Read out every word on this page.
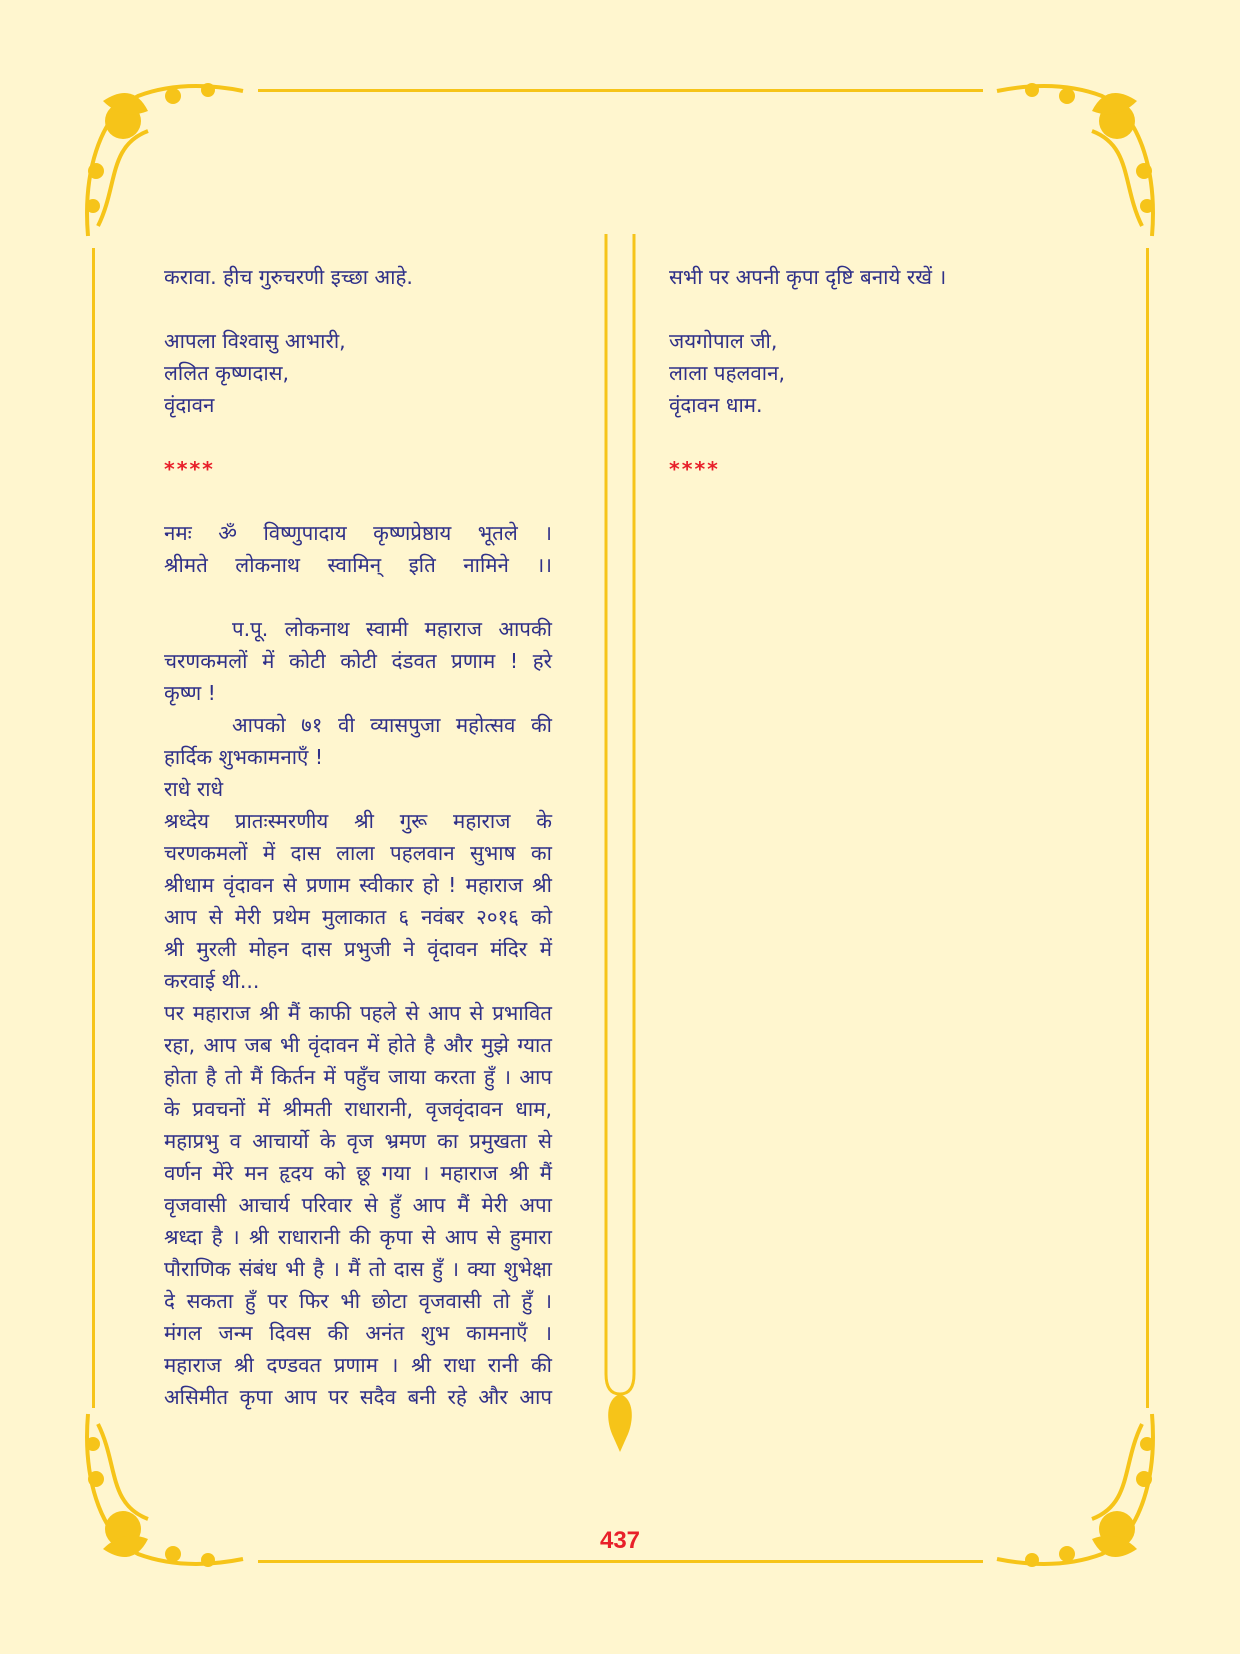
करावा. हीच गुरुचरणी इच्छा आहे.
आपला विश्वासु आभारी,
ललित कृष्णदास,
वृंदावन
****
नमः ॐ विष्णुपादाय कृष्णप्रेष्ठाय भूतले ।
श्रीमते लोकनाथ स्वामिन् इति नामिने ।।
प.पू. लोकनाथ स्वामी महाराज आपकी
चरणकमलों में कोटी कोटी दंडवत प्रणाम ! हरे
कृष्ण !
आपको ७१ वी व्यासपुजा महोत्सव की
हार्दिक शुभकामनाएँ !
राधे राधे
श्रध्देय प्रातःस्मरणीय श्री गुरू महाराज के
चरणकमलों में दास लाला पहलवान सुभाष का
श्रीधाम वृंदावन से प्रणाम स्वीकार हो ! महाराज श्री
आप से मेरी प्रथेम मुलाकात ६ नवंबर २०१६ को
श्री मुरली मोहन दास प्रभुजी ने वृंदावन मंदिर में
करवाई थी...
पर महाराज श्री मैं काफी पहले से आप से प्रभावित
रहा, आप जब भी वृंदावन में होते है और मुझे ग्यात
होता है तो मैं किर्तन में पहुँच जाया करता हुँ । आप
के प्रवचनों में श्रीमती राधारानी, वृजवृंदावन धाम,
महाप्रभु व आचार्यो के वृज भ्रमण का प्रमुखता से
वर्णन मेंरे मन हृदय को छू गया । महाराज श्री मैं
वृजवासी आचार्य परिवार से हुँ आप मैं मेरी अपा
श्रध्दा है । श्री राधारानी की कृपा से आप से हुमारा
पौराणिक संबंध भी है । मैं तो दास हुँ । क्या शुभेक्षा
दे सकता हुँ पर फिर भी छोटा वृजवासी तो हुँ ।
मंगल जन्म दिवस की अनंत शुभ कामनाएँ ।
महाराज श्री दण्डवत प्रणाम । श्री राधा रानी की
असिमीत कृपा आप पर सदैव बनी रहे और आप
सभी पर अपनी कृपा दृष्टि बनाये रखें ।
जयगोपाल जी,
लाला पहलवान,
वृंदावन धाम.
****
437
